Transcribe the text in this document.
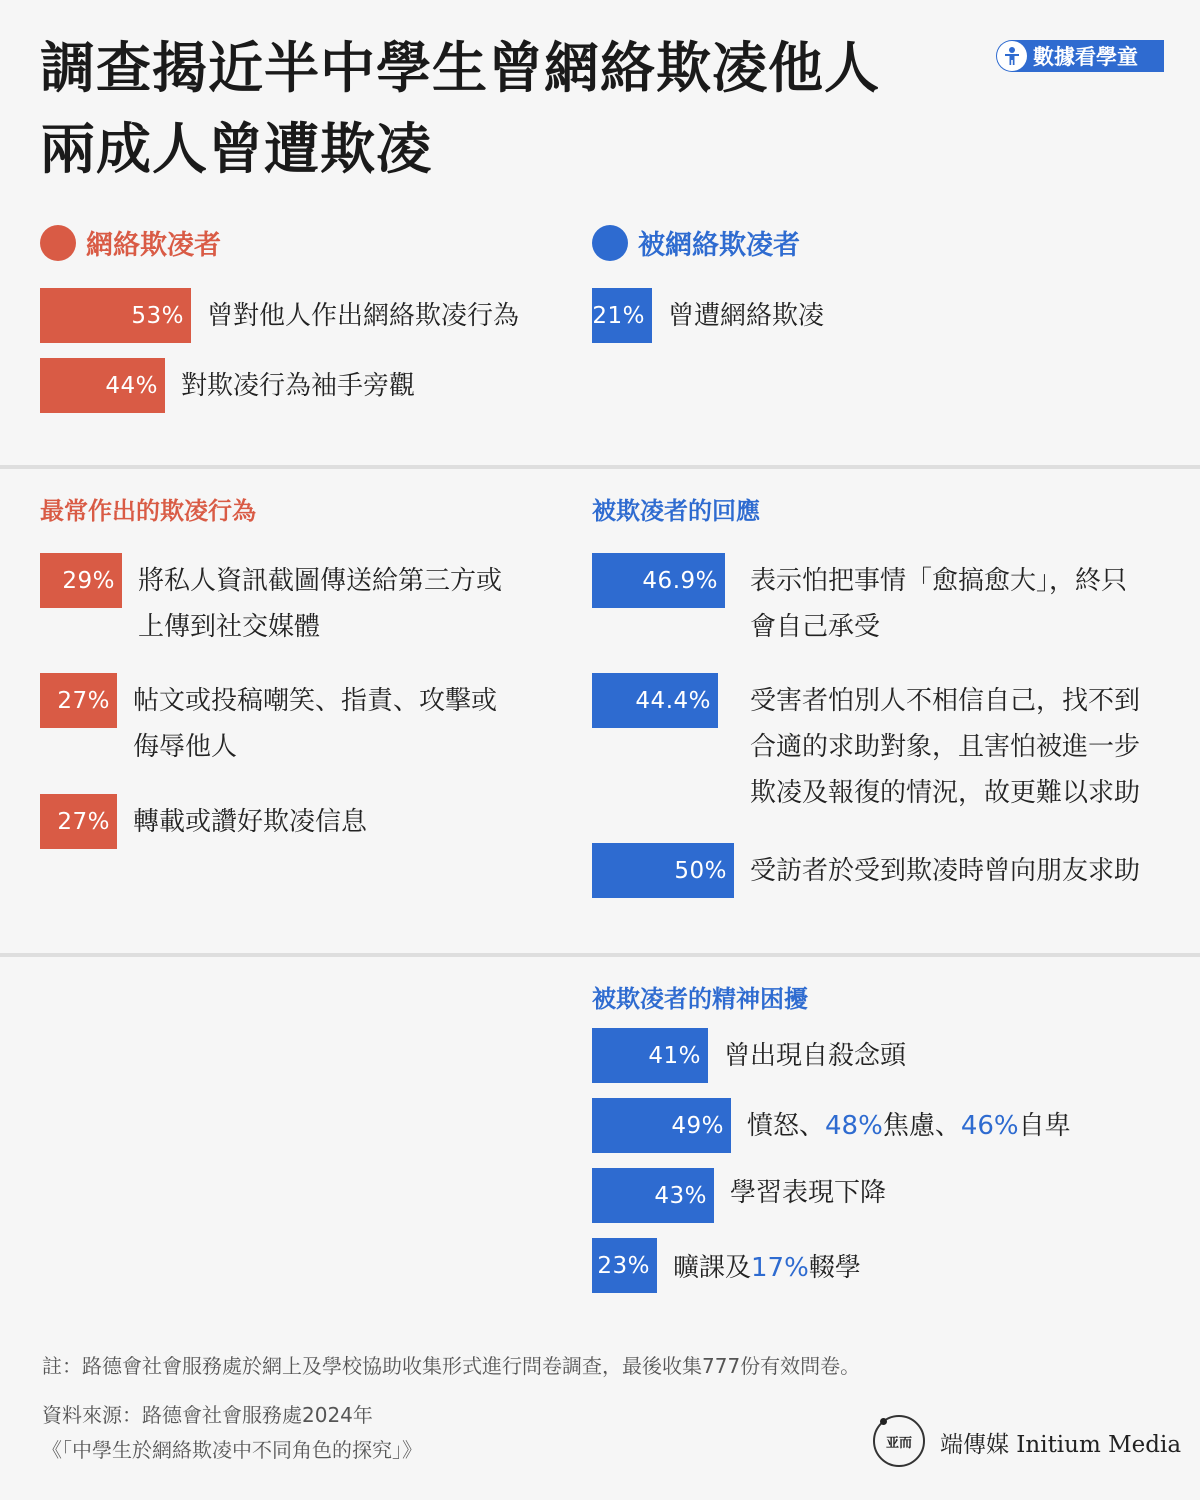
調查揭近半中學生曾網絡欺凌他人
兩成人曾遭欺凌
數據看學童
網絡欺凌者	被網絡欺凌者
最常作出的欺凌行為	被欺凌者的回應
被欺凌者的精神困擾
53% 曾對他人作出網絡欺凌行為
44% 對欺凌行為袖手旁觀
21% 曾遭網絡欺凌
29% 將私人資訊截圖傳送給第三方或
上傳到社交媒體
27% 帖文或投稿嘲笑、指責、攻擊或
侮辱他人
27% 轉載或讚好欺凌信息
46.9% 表示怕把事情「愈搞愈大」，終只
會自己承受
44.4% 受害者怕別人不相信自己，找不到
合適的求助對象，且害怕被進一步
欺凌及報復的情況，故更難以求助
50% 受訪者於受到欺凌時曾向朋友求助
41% 曾出現自殺念頭
49% 憤怒、48%焦慮、46%自卑
43% 學習表現下降
23% 曠課及17%輟學
註：路德會社會服務處於網上及學校協助收集形式進行問卷調查，最後收集777份有效問卷。
資料來源：路德會社會服務處2024年
《「中學生於網絡欺凌中不同角色的探究」》	亚而 端傳媒 Initium Media
